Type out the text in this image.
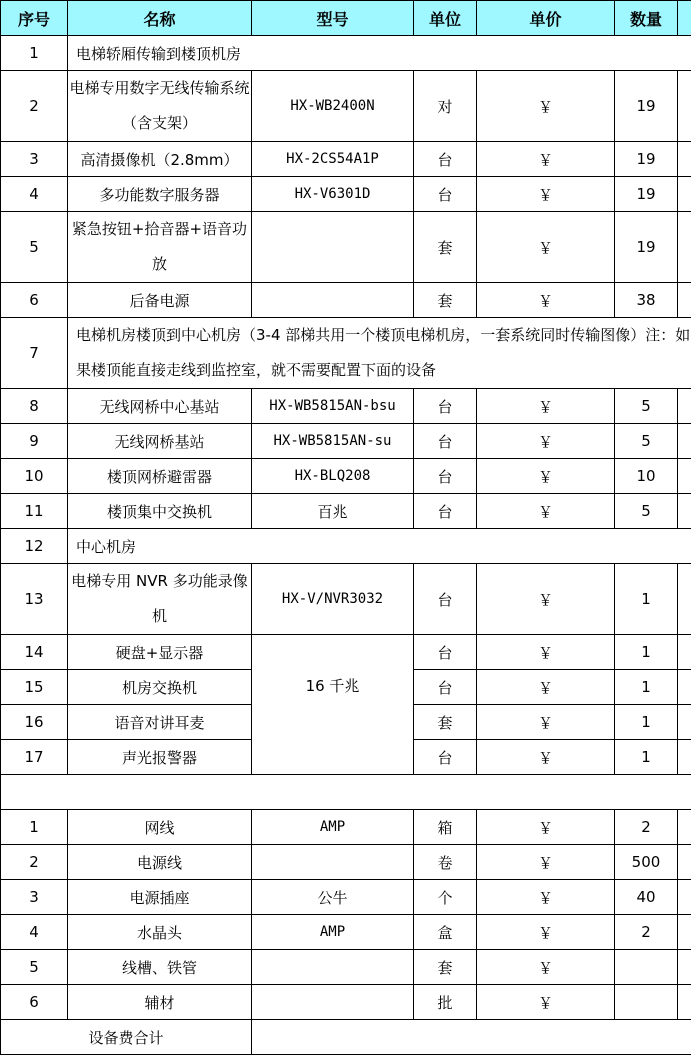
序号	名称	型号	单位	单价	数量	
1	电梯轿厢传输到楼顶机房					
2	电梯专用数字无线传输系统（含支架）	HX-WB2400N	对	￥	19	
3	高清摄像机（2.8mm）	HX-2CS54A1P	台	￥	19	
4	多功能数字服务器	HX-V6301D	台	￥	19	
5	紧急按钮+拾音器+语音功放		套	￥	19	
6	后备电源		套	￥	38	
7	电梯机房楼顶到中心机房（3-4 部梯共用一个楼顶电梯机房，一套系统同时传输图像）注：如果楼顶能直接走线到监控室，就不需要配置下面的设备					
8	无线网桥中心基站	HX-WB5815AN-bsu	台	￥	5	
9	无线网桥基站	HX-WB5815AN-su	台	￥	5	
10	楼顶网桥避雷器	HX-BLQ208	台	￥	10	
11	楼顶集中交换机	百兆	台	￥	5	
12	中心机房					
13	电梯专用 NVR 多功能录像机	HX-V/NVR3032	台	￥	1	
14	硬盘+显示器	16 千兆	台	￥	1	
15	机房交换机		台	￥	1	
16	语音对讲耳麦		套	￥	1	
17	声光报警器		台	￥	1	

1	网线	AMP	箱	￥	2	
2	电源线		卷	￥	500	
3	电源插座	公牛	个	￥	40	
4	水晶头	AMP	盒	￥	2	
5	线槽、铁管		套	￥		
6	辅材		批	￥		
设备费合计						
